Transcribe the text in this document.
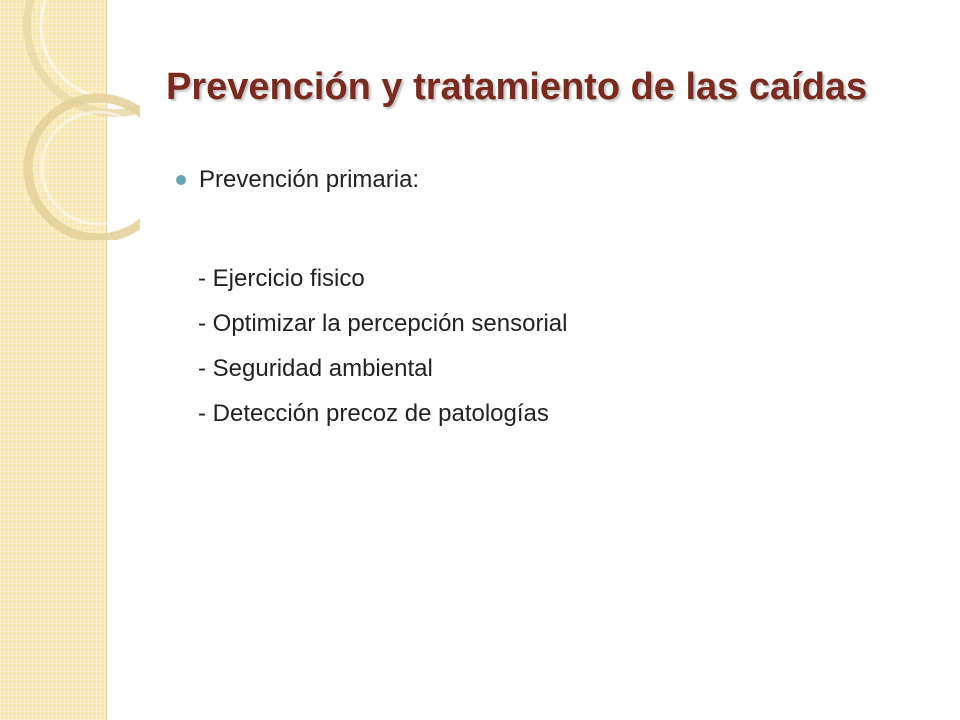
Prevención y tratamiento de las caídas
Prevención primaria:
- Ejercicio fisico
- Optimizar la percepción sensorial
- Seguridad ambiental
- Detección precoz de patologías
